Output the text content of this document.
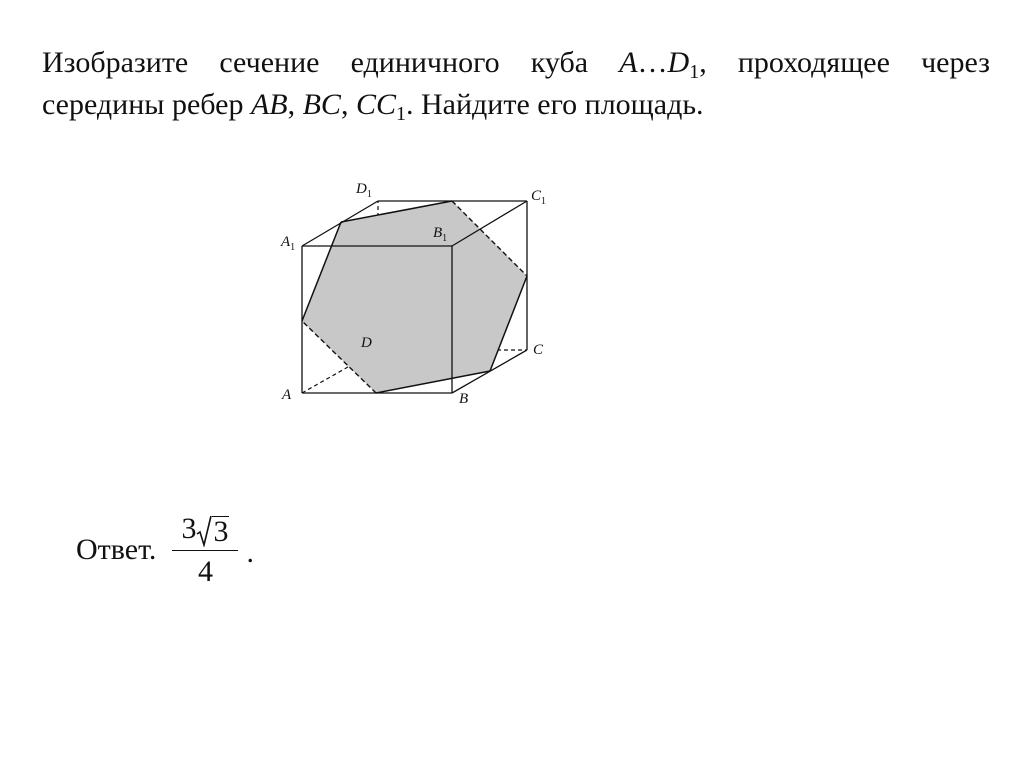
Изобразите сечение единичного куба $A\dots D_1$, проходящее через
середины ребер AB, BC, $CC_1$. Найдите его площадь.

A	B
C
D
$A_1$
$B_1$
$C_1$
$D_1$
Ответ.
3 3
4
.
